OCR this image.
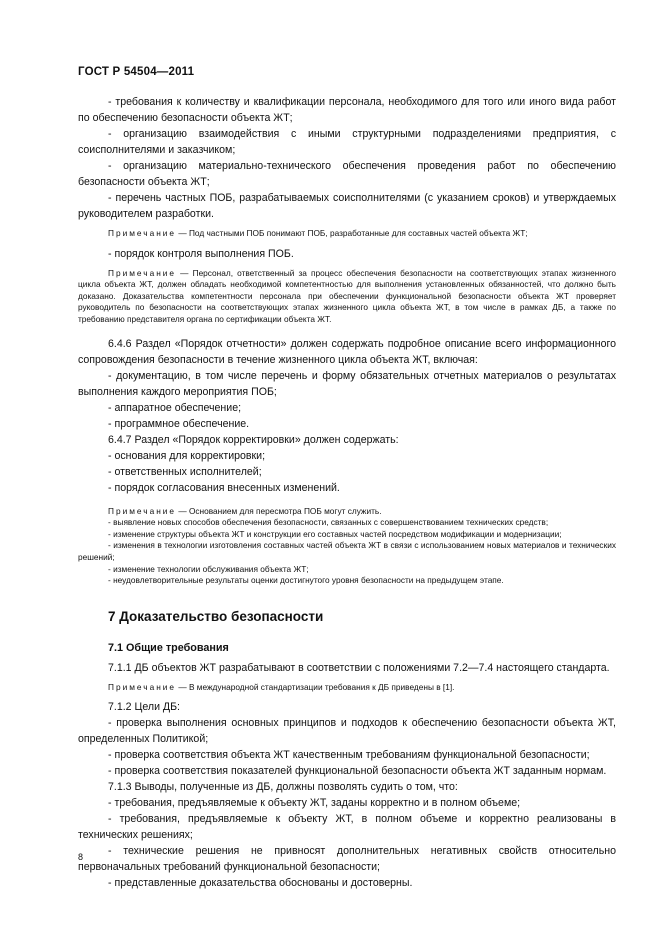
ГОСТ Р 54504—2011

- требования к количеству и квалификации персонала, необходимого для того или иного вида работ по обеспечению безопасности объекта ЖТ;

- организацию взаимодействия с иными структурными подразделениями предприятия, с соисполнителями и заказчиком;

- организацию материально-технического обеспечения проведения работ по обеспечению безопасности объекта ЖТ;

- перечень частных ПОБ, разрабатываемых соисполнителями (с указанием сроков) и утверждаемых руководителем разработки.

Примечание — Под частными ПОБ понимают ПОБ, разработанные для составных частей объекта ЖТ;

- порядок контроля выполнения ПОБ.

Примечание — Персонал, ответственный за процесс обеспечения безопасности на соответствующих этапах жизненного цикла объекта ЖТ, должен обладать необходимой компетентностью для выполнения установленных обязанностей, что должно быть доказано. Доказательства компетентности персонала при обеспечении функциональной безопасности объекта ЖТ проверяет руководитель по безопасности на соответствующих этапах жизненного цикла объекта ЖТ, в том числе в рамках ДБ, а также по требованию представителя органа по сертификации объекта ЖТ.

6.4.6 Раздел «Порядок отчетности» должен содержать подробное описание всего информационного сопровождения безопасности в течение жизненного цикла объекта ЖТ, включая:

- документацию, в том числе перечень и форму обязательных отчетных материалов о результатах выполнения каждого мероприятия ПОБ;

- аппаратное обеспечение;

- программное обеспечение.

6.4.7 Раздел «Порядок корректировки» должен содержать:

- основания для корректировки;

- ответственных исполнителей;

- порядок согласования внесенных изменений.

Примечание — Основанием для пересмотра ПОБ могут служить.

- выявление новых способов обеспечения безопасности, связанных с совершенствованием технических средств;

- изменение структуры объекта ЖТ и конструкции его составных частей посредством модификации и модернизации;

- изменения в технологии изготовления составных частей объекта ЖТ в связи с использованием новых материалов и технических решений;

- изменение технологии обслуживания объекта ЖТ;

- неудовлетворительные результаты оценки достигнутого уровня безопасности на предыдущем этапе.

7 Доказательство безопасности
7.1 Общие требования

7.1.1 ДБ объектов ЖТ разрабатывают в соответствии с положениями 7.2—7.4 настоящего стандарта.

Примечание — В международной стандартизации требования к ДБ приведены в [1].

7.1.2 Цели ДБ:

- проверка выполнения основных принципов и подходов к обеспечению безопасности объекта ЖТ, определенных Политикой;

- проверка соответствия объекта ЖТ качественным требованиям функциональной безопасности;

- проверка соответствия показателей функциональной безопасности объекта ЖТ заданным нормам.

7.1.3 Выводы, полученные из ДБ, должны позволять судить о том, что:

- требования, предъявляемые к объекту ЖТ, заданы корректно и в полном объеме;

- требования, предъявляемые к объекту ЖТ, в полном объеме и корректно реализованы в технических решениях;

- технические решения не привносят дополнительных негативных свойств относительно первоначальных требований функциональной безопасности;

- представленные доказательства обоснованы и достоверны.

8
